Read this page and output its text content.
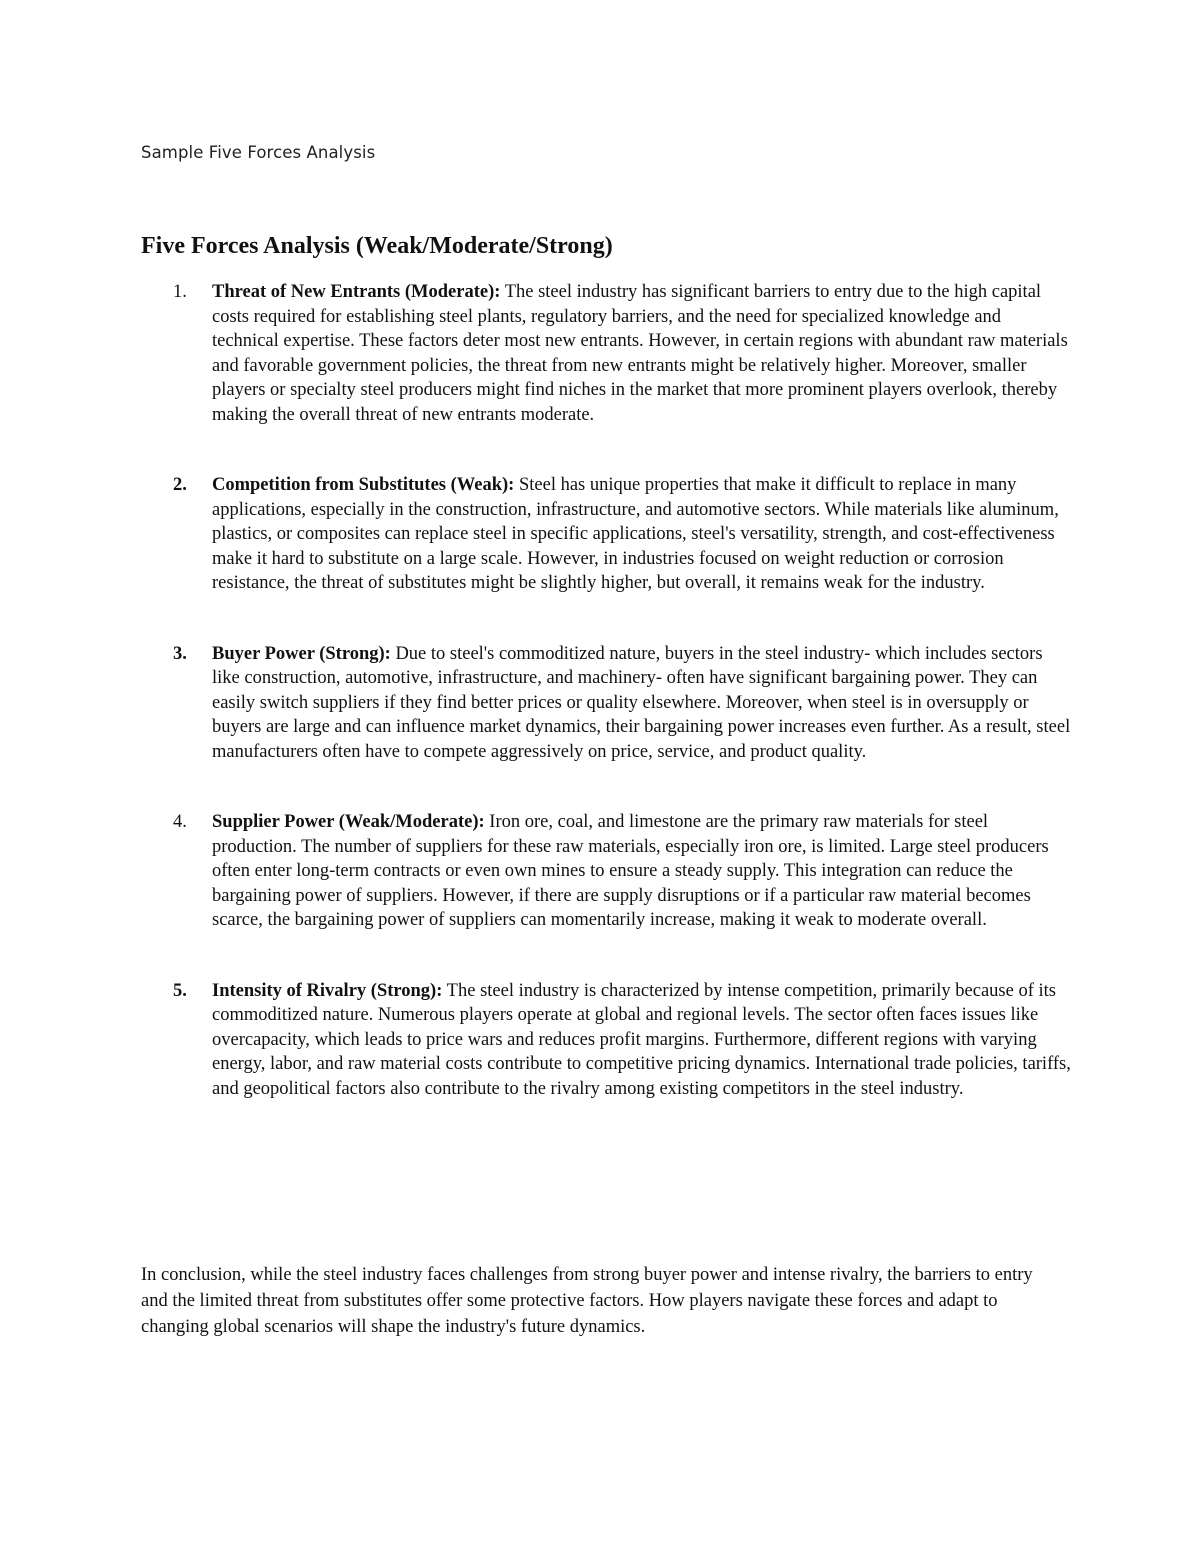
Sample Five Forces Analysis
Five Forces Analysis (Weak/Moderate/Strong)
1. Threat of New Entrants (Moderate): The steel industry has significant barriers to entry due to the high capital costs required for establishing steel plants, regulatory barriers, and the need for specialized knowledge and technical expertise. These factors deter most new entrants. However, in certain regions with abundant raw materials and favorable government policies, the threat from new entrants might be relatively higher. Moreover, smaller players or specialty steel producers might find niches in the market that more prominent players overlook, thereby making the overall threat of new entrants moderate.
2. Competition from Substitutes (Weak): Steel has unique properties that make it difficult to replace in many applications, especially in the construction, infrastructure, and automotive sectors. While materials like aluminum, plastics, or composites can replace steel in specific applications, steel's versatility, strength, and cost-effectiveness make it hard to substitute on a large scale. However, in industries focused on weight reduction or corrosion resistance, the threat of substitutes might be slightly higher, but overall, it remains weak for the industry.
3. Buyer Power (Strong): Due to steel's commoditized nature, buyers in the steel industry- which includes sectors like construction, automotive, infrastructure, and machinery- often have significant bargaining power. They can easily switch suppliers if they find better prices or quality elsewhere. Moreover, when steel is in oversupply or buyers are large and can influence market dynamics, their bargaining power increases even further. As a result, steel manufacturers often have to compete aggressively on price, service, and product quality.
4. Supplier Power (Weak/Moderate): Iron ore, coal, and limestone are the primary raw materials for steel production. The number of suppliers for these raw materials, especially iron ore, is limited. Large steel producers often enter long-term contracts or even own mines to ensure a steady supply. This integration can reduce the bargaining power of suppliers. However, if there are supply disruptions or if a particular raw material becomes scarce, the bargaining power of suppliers can momentarily increase, making it weak to moderate overall.
5. Intensity of Rivalry (Strong): The steel industry is characterized by intense competition, primarily because of its commoditized nature. Numerous players operate at global and regional levels. The sector often faces issues like overcapacity, which leads to price wars and reduces profit margins. Furthermore, different regions with varying energy, labor, and raw material costs contribute to competitive pricing dynamics. International trade policies, tariffs, and geopolitical factors also contribute to the rivalry among existing competitors in the steel industry.

In conclusion, while the steel industry faces challenges from strong buyer power and intense rivalry, the barriers to entry and the limited threat from substitutes offer some protective factors. How players navigate these forces and adapt to changing global scenarios will shape the industry's future dynamics.
